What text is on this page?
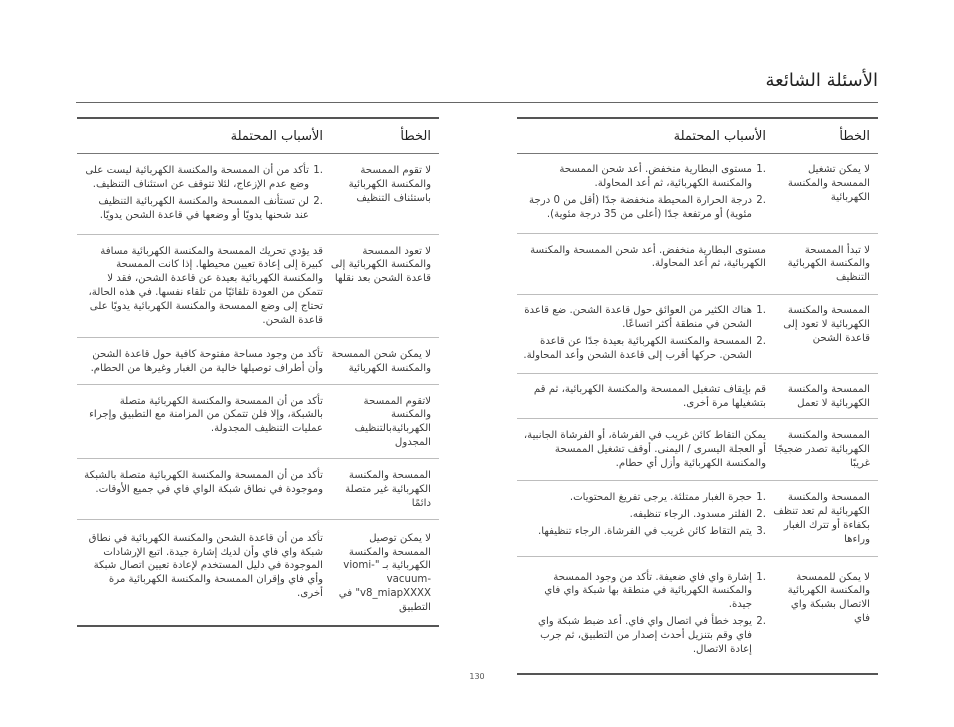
الأسئلة الشائعة
الخطأ
الأسباب المحتملة
لا يمكن تشغيل الممسحة والمكنسة الكهربائية
.1
مستوى البطارية منخفض. أعد شحن الممسحة والمكنسة الكهربائية، ثم أعد المحاولة.
.2
درجة الحرارة المحيطة منخفضة جدًا (أقل من 0 درجة مئوية) أو مرتفعة جدًا (أعلى من 35 درجة مئوية).
لا تبدأ الممسحة والمكنسة الكهربائية التنظيف
مستوى البطارية منخفض. أعد شحن الممسحة والمكنسة الكهربائية، ثم أعد المحاولة.
الممسحة والمكنسة الكهربائية لا تعود إلى قاعدة الشحن
.1
هناك الكثير من العوائق حول قاعدة الشحن. ضع قاعدة الشحن في منطقة أكثر اتساعًا.
.2
الممسحة والمكنسة الكهربائية بعيدة جدًا عن قاعدة الشحن. حركها أقرب إلى قاعدة الشحن وأعد المحاولة.
الممسحة والمكنسة الكهربائية لا تعمل
قم بإيقاف تشغيل الممسحة والمكنسة الكهربائية، ثم قم بتشغيلها مرة أخرى.
الممسحة والمكنسة الكهربائية تصدر ضجيجًا غريبًا
يمكن التقاط كائن غريب في الفرشاة، أو الفرشاة الجانبية، أو العجلة اليسرى / اليمنى. أوقف تشغيل الممسحة والمكنسة الكهربائية وأزل أي حطام.
الممسحة والمكنسة الكهربائية لم تعد تنظف بكفاءة أو تترك الغبار وراءها
.1
حجرة الغبار ممتلئة. يرجى تفريغ المحتويات.
.2
الفلتر مسدود. الرجاء تنظيفه.
.3
يتم التقاط كائن غريب في الفرشاة. الرجاء تنظيفها.
لا يمكن للممسحة والمكنسة الكهربائية الاتصال بشبكة واي فاي
.1
إشارة واي فاي ضعيفة. تأكد من وجود الممسحة والمكنسة الكهربائية في منطقة بها شبكة واي فاي جيدة.
.2
يوجد خطأ في اتصال واي فاي. أعد ضبط شبكة واي فاي وقم بتنزيل أحدث إصدار من التطبيق، ثم جرب إعادة الاتصال.
الخطأ
الأسباب المحتملة
لا تقوم الممسحة والمكنسة الكهربائية باستئناف التنظيف
.1
تأكد من أن الممسحة والمكنسة الكهربائية ليست على وضع عدم الإزعاج، لئلا تتوقف عن استئناف التنظيف.
.2
لن تستأنف الممسحة والمكنسة الكهربائية التنظيف عند شحنها يدويًا أو وضعها في قاعدة الشحن يدويًا.
لا تعود الممسحة والمكنسة الكهربائية إلى قاعدة الشحن بعد نقلها
قد يؤدي تحريك الممسحة والمكنسة الكهربائية مسافة كبيرة إلى إعادة تعيين محيطها. إذا كانت الممسحة والمكنسة الكهربائية بعيدة عن قاعدة الشحن، فقد لا تتمكن من العودة تلقائيًا من تلقاء نفسها. في هذه الحالة، تحتاج إلى وضع الممسحة والمكنسة الكهربائية يدويًا على قاعدة الشحن.
لا يمكن شحن الممسحة والمكنسة الكهربائية
تأكد من وجود مساحة مفتوحة كافية حول قاعدة الشحن وأن أطراف توصيلها خالية من الغبار وغيرها من الحطام.
لاتقوم الممسحة والمكنسة الكهربائيةبالتنظيف المجدول
تأكد من أن الممسحة والمكنسة الكهربائية متصلة بالشبكة، وإلا فلن تتمكن من المزامنة مع التطبيق وإجراء عمليات التنظيف المجدولة.
الممسحة والمكنسة الكهربائية غير متصلة دائمًا
تأكد من أن الممسحة والمكنسة الكهربائية متصلة بالشبكة وموجودة في نطاق شبكة الواي فاي في جميع الأوقات.
لا يمكن توصيل الممسحة والمكنسة الكهربائية بـ "viomi-vacuum-v8_miapXXXX" في التطبيق
تأكد من أن قاعدة الشحن والمكنسة الكهربائية في نطاق شبكة واي فاي وأن لديك إشارة جيدة. اتبع الإرشادات الموجودة في دليل المستخدم لإعادة تعيين اتصال شبكة وأي فاي وإقران الممسحة والمكنسة الكهربائية مرة أخرى.
130
